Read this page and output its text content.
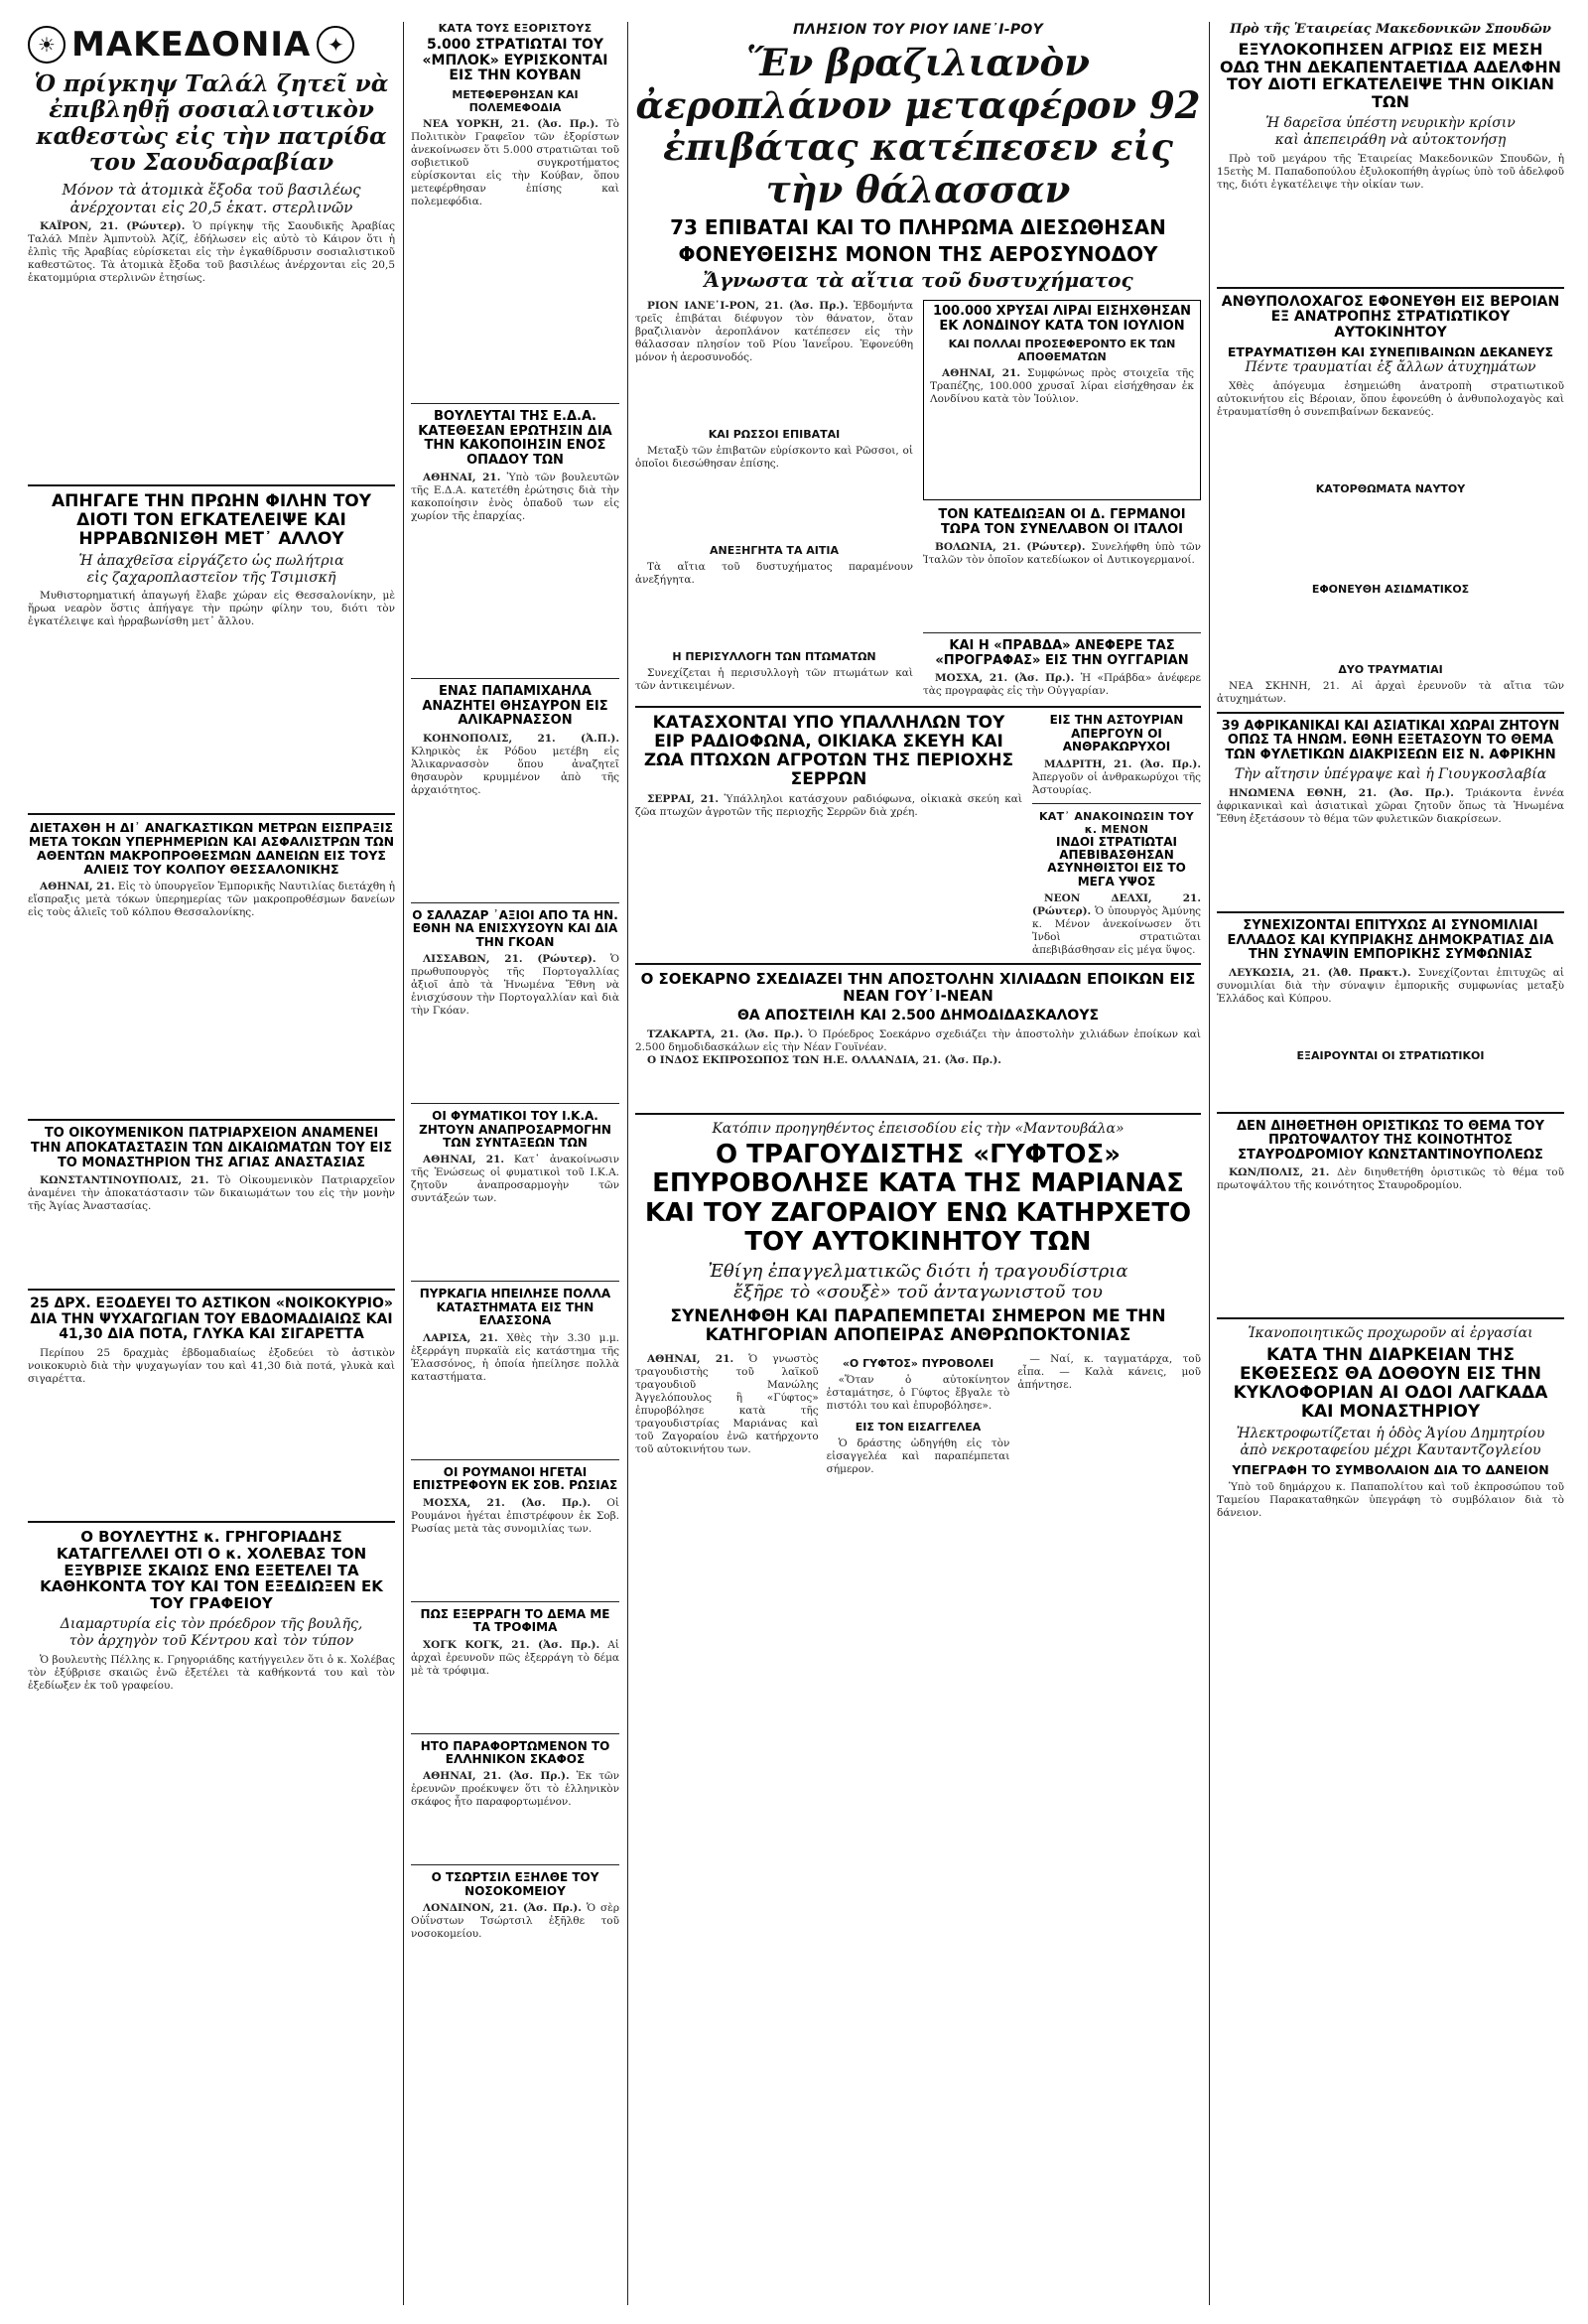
☀ ΜΑΚΕΔΟΝΙΑ ✦
Ὁ πρίγκηψ Ταλάλ ζητεῖ νὰ ἐπιβληθῇ σοσιαλιστικὸν καθεστὼς εἰς τὴν πατρίδα του Σαουδαραβίαν
Μόνον τὰ ἀτομικὰ ἔξοδα τοῦ βασιλέως
ἀνέρχονται εἰς 20,5 ἑκατ. στερλινῶν
ΚΑΪΡΟΝ, 21. (Ρώυτερ). Ὁ πρίγκηψ τῆς Σαουδικῆς Ἀραβίας Ταλάλ Μπὲν Ἀμπντοὺλ Ἀζίζ, ἐδήλωσεν εἰς αὐτὸ τὸ Κάιρον ὅτι ἡ ἐλπὶς τῆς Ἀραβίας εὑρίσκεται εἰς τὴν ἐγκαθίδρυσιν σοσιαλιστικοῦ καθεστῶτος. Τὰ ἀτομικὰ ἔξοδα τοῦ βασιλέως ἀνέρχονται εἰς 20,5 ἑκατομμύρια στερλινῶν ἐτησίως.
ΑΠΗΓΑΓΕ ΤΗΝ ΠΡΩΗΝ ΦΙΛΗΝ ΤΟΥ ΔΙΟΤΙ ΤΟΝ ΕΓΚΑΤΕΛΕΙΨΕ ΚΑΙ ΗΡΡΑΒΩΝΙΣΘΗ ΜΕΤ᾿ ΑΛΛΟΥ
Ἡ ἀπαχθεῖσα εἰργάζετο ὡς πωλήτρια
εἰς ζαχαροπλαστεῖον τῆς Τσιμισκῆ
Μυθιστορηματική ἀπαγωγή ἔλαβε χώραν εἰς Θεσσαλονίκην, μὲ ἥρωα νεαρὸν ὅστις ἀπήγαγε τὴν πρώην φίλην του, διότι τὸν ἐγκατέλειψε καὶ ἠρραβωνίσθη μετ᾿ ἄλλου.
ΔΙΕΤΑΧΘΗ Η ΔΙ᾿ ΑΝΑΓΚΑΣΤΙΚΩΝ ΜΕΤΡΩΝ ΕΙΣΠΡΑΞΙΣ ΜΕΤΑ ΤΟΚΩΝ ΥΠΕΡΗΜΕΡΙΩΝ ΚΑΙ ΑΣΦΑΛΙΣΤΡΩΝ ΤΩΝ ΑΘΕΝΤΩΝ ΜΑΚΡΟΠΡΟΘΕΣΜΩΝ ΔΑΝΕΙΩΝ ΕΙΣ ΤΟΥΣ ΑΛΙΕΙΣ ΤΟΥ ΚΟΛΠΟΥ ΘΕΣΣΑΛΟΝΙΚΗΣ
ΑΘΗΝΑΙ, 21. Εἰς τὸ ὑπουργεῖον Ἐμπορικῆς Ναυτιλίας διετάχθη ἡ εἴσπραξις μετὰ τόκων ὑπερημερίας τῶν μακροπροθέσμων δανείων εἰς τοὺς ἁλιεῖς τοῦ κόλπου Θεσσαλονίκης.
ΤΟ ΟΙΚΟΥΜΕΝΙΚΟΝ ΠΑΤΡΙΑΡΧΕΙΟΝ ΑΝΑΜΕΝΕΙ ΤΗΝ ΑΠΟΚΑΤΑΣΤΑΣΙΝ ΤΩΝ ΔΙΚΑΙΩΜΑΤΩΝ ΤΟΥ ΕΙΣ ΤΟ ΜΟΝΑΣΤΗΡΙΟΝ ΤΗΣ ΑΓΙΑΣ ΑΝΑΣΤΑΣΙΑΣ
ΚΩΝΣΤΑΝΤΙΝΟΥΠΟΛΙΣ, 21. Τὸ Οἰκουμενικὸν Πατριαρχεῖον ἀναμένει τὴν ἀποκατάστασιν τῶν δικαιωμάτων του εἰς τὴν μονὴν τῆς Ἁγίας Ἀναστασίας.
25 ΔΡΧ. ΕΞΟΔΕΥΕΙ ΤΟ ΑΣΤΙΚΟΝ «ΝΟΙΚΟΚΥΡΙΟ» ΔΙΑ ΤΗΝ ΨΥΧΑΓΩΓΙΑΝ ΤΟΥ ΕΒΔΟΜΑΔΙΑΙΩΣ ΚΑΙ 41,30 ΔΙΑ ΠΟΤΑ, ΓΛΥΚΑ ΚΑΙ ΣΙΓΑΡΕΤΤΑ
Περίπου 25 δραχμὰς ἐβδομαδιαίως ἐξοδεύει τὸ ἀστικὸν νοικοκυριὸ διὰ τὴν ψυχαγωγίαν του καὶ 41,30 διὰ ποτά, γλυκὰ καὶ σιγαρέττα.
Ο ΒΟΥΛΕΥΤΗΣ κ. ΓΡΗΓΟΡΙΑΔΗΣ ΚΑΤΑΓΓΕΛΛΕΙ ΟΤΙ Ο κ. ΧΟΛΕΒΑΣ ΤΟΝ ΕΞΥΒΡΙΣΕ ΣΚΑΙΩΣ ΕΝΩ ΕΞΕΤΕΛΕΙ ΤΑ ΚΑΘΗΚΟΝΤΑ ΤΟΥ ΚΑΙ ΤΟΝ ΕΞΕΔΙΩΞΕΝ ΕΚ ΤΟΥ ΓΡΑΦΕΙΟΥ
Διαμαρτυρία εἰς τὸν πρόεδρον τῆς βουλῆς,
τὸν ἀρχηγὸν τοῦ Κέντρου καὶ τὸν τύπον
Ὁ βουλευτὴς Πέλλης κ. Γρηγοριάδης κατήγγειλεν ὅτι ὁ κ. Χολέβας τὸν ἐξύβρισε σκαιῶς ἐνῶ ἐξετέλει τὰ καθήκοντά του καὶ τὸν ἐξεδίωξεν ἐκ τοῦ γραφείου.
ΚΑΤΑ ΤΟΥΣ ΕΞΟΡΙΣΤΟΥΣ
5.000 ΣΤΡΑΤΙΩΤΑΙ ΤΟΥ «ΜΠΛΟΚ» ΕΥΡΙΣΚΟΝΤΑΙ ΕΙΣ ΤΗΝ ΚΟΥΒΑΝ
ΜΕΤΕΦΕΡΘΗΣΑΝ ΚΑΙ ΠΟΛΕΜΕΦΟΔΙΑ
ΝΕΑ ΥΟΡΚΗ, 21. (Ἀσ. Πρ.). Τὸ Πολιτικὸν Γραφεῖον τῶν ἐξορίστων ἀνεκοίνωσεν ὅτι 5.000 στρατιῶται τοῦ σοβιετικοῦ συγκροτήματος εὑρίσκονται εἰς τὴν Κούβαν, ὅπου μετεφέρθησαν ἐπίσης καὶ πολεμεφόδια.
ΒΟΥΛΕΥΤΑΙ ΤΗΣ Ε.Δ.Α. ΚΑΤΕΘΕΣΑΝ ΕΡΩΤΗΣΙΝ ΔΙΑ ΤΗΝ ΚΑΚΟΠΟΙΗΣΙΝ ΕΝΟΣ ΟΠΑΔΟΥ ΤΩΝ
ΑΘΗΝΑΙ, 21. Ὑπὸ τῶν βουλευτῶν τῆς Ε.Δ.Α. κατετέθη ἐρώτησις διὰ τὴν κακοποίησιν ἑνὸς ὀπαδοῦ των εἰς χωρίον τῆς ἐπαρχίας.
ΕΝΑΣ ΠΑΠΑΜΙΧΑΗΛΑ ΑΝΑΖΗΤΕΙ ΘΗΣΑΥΡΟΝ ΕΙΣ ΑΛΙΚΑΡΝΑΣΣΟΝ
ΚΟΗΝΟΠΟΛΙΣ, 21. (Ἀ.Π.). Κληρικὸς ἐκ Ρόδου μετέβη εἰς Ἁλικαρνασσὸν ὅπου ἀναζητεῖ θησαυρὸν κρυμμένον ἀπὸ τῆς ἀρχαιότητος.
Ο ΣΑΛΑΖΑΡ ᾿ΑΞΙΟΙ ΑΠΟ ΤΑ ΗΝ. ΕΘΝΗ ΝΑ ΕΝΙΣΧΥΣΟΥΝ ΚΑΙ ΔΙΑ ΤΗΝ ΓΚΟΑΝ
ΛΙΣΣΑΒΩΝ, 21. (Ρώυτερ). Ὁ πρωθυπουργὸς τῆς Πορτογαλλίας ἀξιοῖ ἀπὸ τὰ Ἡνωμένα Ἔθνη νὰ ἐνισχύσουν τὴν Πορτογαλλίαν καὶ διὰ τὴν Γκόαν.
ΟΙ ΦΥΜΑΤΙΚΟΙ ΤΟΥ Ι.Κ.Α. ΖΗΤΟΥΝ ΑΝΑΠΡΟΣΑΡΜΟΓΗΝ ΤΩΝ ΣΥΝΤΑΞΕΩΝ ΤΩΝ
ΑΘΗΝΑΙ, 21. Κατ᾿ ἀνακοίνωσιν τῆς Ἑνώσεως οἱ φυματικοὶ τοῦ Ι.Κ.Α. ζητοῦν ἀναπροσαρμογὴν τῶν συντάξεών των.
ΠΥΡΚΑΓΙΑ ΗΠΕΙΛΗΣΕ ΠΟΛΛΑ ΚΑΤΑΣΤΗΜΑΤΑ ΕΙΣ ΤΗΝ ΕΛΑΣΣΟΝΑ
ΛΑΡΙΣΑ, 21. Χθὲς τὴν 3.30 μ.μ. ἐξερράγη πυρκαϊὰ εἰς κατάστημα τῆς Ἐλασσόνος, ἡ ὁποία ἠπείλησε πολλὰ καταστήματα.
ΟΙ ΡΟΥΜΑΝΟΙ ΗΓΕΤΑΙ ΕΠΙΣΤΡΕΦΟΥΝ ΕΚ ΣΟΒ. ΡΩΣΙΑΣ
ΜΟΣΧΑ, 21. (Ἀσ. Πρ.). Οἱ Ρουμάνοι ἡγέται ἐπιστρέφουν ἐκ Σοβ. Ρωσίας μετὰ τὰς συνομιλίας των.
ΠΩΣ ΕΞΕΡΡΑΓΗ ΤΟ ΔΕΜΑ ΜΕ ΤΑ ΤΡΟΦΙΜΑ
ΧΟΓΚ ΚΟΓΚ, 21. (Ἀσ. Πρ.). Αἱ ἀρχαὶ ἐρευνοῦν πῶς ἐξερράγη τὸ δέμα μὲ τὰ τρόφιμα.
ΗΤΟ ΠΑΡΑΦΟΡΤΩΜΕΝΟΝ ΤΟ ΕΛΛΗΝΙΚΟΝ ΣΚΑΦΟΣ
ΑΘΗΝΑΙ, 21. (Ἀσ. Πρ.). Ἐκ τῶν ἐρευνῶν προέκυψεν ὅτι τὸ ἑλληνικὸν σκάφος ἦτο παραφορτωμένον.
Ο ΤΣΩΡΤΣΙΛ ΕΞΗΛΘΕ ΤΟΥ ΝΟΣΟΚΟΜΕΙΟΥ
ΛΟΝΔΙΝΟΝ, 21. (Ἀσ. Πρ.). Ὁ σὲρ Οὐΐνστων Τσώρτσιλ ἐξῆλθε τοῦ νοσοκομείου.
ΠΛΗΣΙΟΝ ΤΟΥ ΡΙΟΥ ΙΑΝΕ᾿Ι-ΡΟΥ
Ἕν βραζιλιανὸν ἀεροπλάνον μεταφέρον 92 ἐπιβάτας κατέπεσεν εἰς τὴν θάλασσαν
73 ΕΠΙΒΑΤΑΙ ΚΑΙ ΤΟ ΠΛΗΡΩΜΑ ΔΙΕΣΩΘΗΣΑΝ
ΦΟΝΕΥΘΕΙΣΗΣ ΜΟΝΟΝ ΤΗΣ ΑΕΡΟΣΥΝΟΔΟΥ
Ἄγνωστα τὰ αἴτια τοῦ δυστυχήματος
ΡΙΟΝ ΙΑΝΕ᾿Ι-ΡΟΝ, 21. (Ἀσ. Πρ.). Ἑβδομήντα τρεῖς ἐπιβάται διέφυγον τὸν θάνατον, ὅταν βραζιλιανὸν ἀεροπλάνον κατέπεσεν εἰς τὴν θάλασσαν πλησίον τοῦ Ρίου Ἰανεΐρου. Ἐφονεύθη μόνον ἡ ἀεροσυνοδός.
ΚΑΙ ΡΩΣΣΟΙ ΕΠΙΒΑΤΑΙ
Μεταξὺ τῶν ἐπιβατῶν εὑρίσκοντο καὶ Ρῶσσοι, οἱ ὁποῖοι διεσώθησαν ἐπίσης.
ΑΝΕΞΗΓΗΤΑ ΤΑ ΑΙΤΙΑ
Τὰ αἴτια τοῦ δυστυχήματος παραμένουν ἀνεξήγητα.
Η ΠΕΡΙΣΥΛΛΟΓΗ ΤΩΝ ΠΤΩΜΑΤΩΝ
Συνεχίζεται ἡ περισυλλογὴ τῶν πτωμάτων καὶ τῶν ἀντικειμένων.
100.000 ΧΡΥΣΑΙ ΛΙΡΑΙ ΕΙΣΗΧΘΗΣΑΝ ΕΚ ΛΟΝΔΙΝΟΥ ΚΑΤΑ ΤΟΝ ΙΟΥΛΙΟΝ
ΚΑΙ ΠΟΛΛΑΙ ΠΡΟΣΕΦΕΡΟΝΤΟ ΕΚ ΤΩΝ ΑΠΟΘΕΜΑΤΩΝ
ΑΘΗΝΑΙ, 21. Συμφώνως πρὸς στοιχεῖα τῆς Τραπέζης, 100.000 χρυσαῖ λίραι εἰσήχθησαν ἐκ Λονδίνου κατὰ τὸν Ἰούλιον.
ΤΟΝ ΚΑΤΕΔΙΩΞΑΝ ΟΙ Δ. ΓΕΡΜΑΝΟΙ ΤΩΡΑ ΤΟΝ ΣΥΝΕΛΑΒΟΝ ΟΙ ΙΤΑΛΟΙ
ΒΟΛΩΝΙΑ, 21. (Ρώυτερ). Συνελήφθη ὑπὸ τῶν Ἰταλῶν τὸν ὁποῖον κατεδίωκον οἱ Δυτικογερμανοί.
ΚΑΙ Η «ΠΡΑΒΔΑ» ΑΝΕΦΕΡΕ ΤΑΣ «ΠΡΟΓΡΑΦΑΣ» ΕΙΣ ΤΗΝ ΟΥΓΓΑΡΙΑΝ
ΜΟΣΧΑ, 21. (Ἀσ. Πρ.). Ἡ «Πράβδα» ἀνέφερε τὰς προγραφὰς εἰς τὴν Οὐγγαρίαν.
ΚΑΤΑΣΧΟΝΤΑΙ ΥΠΟ ΥΠΑΛΛΗΛΩΝ ΤΟΥ ΕΙΡ ΡΑΔΙΟΦΩΝΑ, ΟΙΚΙΑΚΑ ΣΚΕΥΗ ΚΑΙ ΖΩΑ ΠΤΩΧΩΝ ΑΓΡΟΤΩΝ ΤΗΣ ΠΕΡΙΟΧΗΣ ΣΕΡΡΩΝ
ΣΕΡΡΑΙ, 21. Ὑπάλληλοι κατάσχουν ραδιόφωνα, οἰκιακὰ σκεύη καὶ ζῶα πτωχῶν ἀγροτῶν τῆς περιοχῆς Σερρῶν διὰ χρέη.
ΕΙΣ ΤΗΝ ΑΣΤΟΥΡΙΑΝ ΑΠΕΡΓΟΥΝ ΟΙ ΑΝΘΡΑΚΩΡΥΧΟΙ
ΜΑΔΡΙΤΗ, 21. (Ἀσ. Πρ.). Ἀπεργοῦν οἱ ἀνθρακωρύχοι τῆς Ἀστουρίας.
ΚΑΤ᾿ ΑΝΑΚΟΙΝΩΣΙΝ ΤΟΥ κ. ΜΕΝΟΝ
ΙΝΔΟΙ ΣΤΡΑΤΙΩΤΑΙ ΑΠΕΒΙΒΑΣΘΗΣΑΝ ΑΣΥΝΗΘΙΣΤΟΙ ΕΙΣ ΤΟ ΜΕΓΑ ΥΨΟΣ
ΝΕΟΝ ΔΕΛΧΙ, 21. (Ρώυτερ). Ὁ ὑπουργὸς Ἀμύνης κ. Μένον ἀνεκοίνωσεν ὅτι Ἰνδοὶ στρατιῶται ἀπεβιβάσθησαν εἰς μέγα ὕψος.
Ο ΣΟΕΚΑΡΝΟ ΣΧΕΔΙΑΖΕΙ ΤΗΝ ΑΠΟΣΤΟΛΗΝ ΧΙΛΙΑΔΩΝ ΕΠΟΙΚΩΝ ΕΙΣ ΝΕΑΝ ΓΟΥ᾿Ι-ΝΕΑΝ
ΘΑ ΑΠΟΣΤΕΙΛΗ ΚΑΙ 2.500 ΔΗΜΟΔΙΔΑΣΚΑΛΟΥΣ
ΤΖΑΚΑΡΤΑ, 21. (Ἀσ. Πρ.). Ὁ Πρόεδρος Σοεκάρνο σχεδιάζει τὴν ἀποστολὴν χιλιάδων ἐποίκων καὶ 2.500 δημοδιδασκάλων εἰς τὴν Νέαν Γουϊνέαν.
Ο ΙΝΔΟΣ ΕΚΠΡΟΣΩΠΟΣ ΤΩΝ Η.Ε. ΟΛΛΑΝΔΙΑ, 21. (Ἀσ. Πρ.).
Κατόπιν προηγηθέντος ἐπεισοδίου εἰς τὴν «Μαντουβάλα»
Ο ΤΡΑΓΟΥΔΙΣΤΗΣ «ΓΥΦΤΟΣ» ΕΠΥΡΟΒΟΛΗΣΕ ΚΑΤΑ ΤΗΣ ΜΑΡΙΑΝΑΣ ΚΑΙ ΤΟΥ ΖΑΓΟΡΑΙΟΥ ΕΝΩ ΚΑΤΗΡΧΕΤΟ ΤΟΥ ΑΥΤΟΚΙΝΗΤΟΥ ΤΩΝ
Ἐθίγη ἐπαγγελματικῶς διότι ἡ τραγουδίστρια
ἔξῆρε τὸ «σουξὲ» τοῦ ἀνταγωνιστοῦ του
ΣΥΝΕΛΗΦΘΗ ΚΑΙ ΠΑΡΑΠΕΜΠΕΤΑΙ ΣΗΜΕΡΟΝ ΜΕ ΤΗΝ ΚΑΤΗΓΟΡΙΑΝ ΑΠΟΠΕΙΡΑΣ ΑΝΘΡΩΠΟΚΤΟΝΙΑΣ
ΑΘΗΝΑΙ, 21. Ὁ γνωστὸς τραγουδιστὴς τοῦ λαϊκοῦ τραγουδιοῦ Μανώλης Ἀγγελόπουλος ἢ «Γύφτος» ἐπυροβόλησε κατὰ τῆς τραγουδιστρίας Μαριάνας καὶ τοῦ Ζαγοραίου ἐνῶ κατήρχοντο τοῦ αὐτοκινήτου των.
«Ο ΓΥΦΤΟΣ» ΠΥΡΟΒΟΛΕΙ
«Ὅταν ὁ αὐτοκίνητον ἐσταμάτησε, ὁ Γύφτος ἔβγαλε τὸ πιστόλι του καὶ ἐπυροβόλησε».
ΕΙΣ ΤΟΝ ΕΙΣΑΓΓΕΛΕΑ
Ὁ δράστης ὡδηγήθη εἰς τὸν εἰσαγγελέα καὶ παραπέμπεται σήμερον.
— Ναί, κ. ταγματάρχα, τοῦ εἶπα. — Καλὰ κάνεις, μοῦ ἀπήντησε.
Πρὸ τῆς Ἑταιρείας Μακεδονικῶν Σπουδῶν
ΕΞΥΛΟΚΟΠΗΣΕΝ ΑΓΡΙΩΣ ΕΙΣ ΜΕΣΗ ΟΔΩ ΤΗΝ ΔΕΚΑΠΕΝΤΑΕΤΙΔΑ ΑΔΕΛΦΗΝ ΤΟΥ ΔΙΟΤΙ ΕΓΚΑΤΕΛΕΙΨΕ ΤΗΝ ΟΙΚΙΑΝ ΤΩΝ
Ἡ δαρεῖσα ὑπέστη νευρικὴν κρίσιν
καὶ ἀπεπειράθη νὰ αὐτοκτονήσῃ
Πρὸ τοῦ μεγάρου τῆς Ἑταιρείας Μακεδονικῶν Σπουδῶν, ἡ 15ετὴς Μ. Παπαδοπούλου ἐξυλοκοπήθη ἀγρίως ὑπὸ τοῦ ἀδελφοῦ της, διότι ἐγκατέλειψε τὴν οἰκίαν των.
ΑΝΘΥΠΟΛΟΧΑΓΟΣ ΕΦΟΝΕΥΘΗ ΕΙΣ ΒΕΡΟΙΑΝ ΕΞ ΑΝΑΤΡΟΠΗΣ ΣΤΡΑΤΙΩΤΙΚΟΥ ΑΥΤΟΚΙΝΗΤΟΥ
ΕΤΡΑΥΜΑΤΙΣΘΗ ΚΑΙ ΣΥΝΕΠΙΒΑΙΝΩΝ ΔΕΚΑΝΕΥΣ
Πέντε τραυματίαι ἐξ ἄλλων ἀτυχημάτων
Χθὲς ἀπόγευμα ἐσημειώθη ἀνατροπὴ στρατιωτικοῦ αὐτοκινήτου εἰς Βέροιαν, ὅπου ἐφονεύθη ὁ ἀνθυπολοχαγὸς καὶ ἐτραυματίσθη ὁ συνεπιβαίνων δεκανεύς.
ΚΑΤΟΡΘΩΜΑΤΑ ΝΑΥΤΟΥ
ΕΦΟΝΕΥΘΗ ΑΣΙΔΜΑΤΙΚΟΣ
ΔΥΟ ΤΡΑΥΜΑΤΙΑΙ
ΝΕΑ ΣΚΗΝΗ, 21. Αἱ ἀρχαὶ ἐρευνοῦν τὰ αἴτια τῶν ἀτυχημάτων.
39 ΑΦΡΙΚΑΝΙΚΑΙ ΚΑΙ ΑΣΙΑΤΙΚΑΙ ΧΩΡΑΙ ΖΗΤΟΥΝ ΟΠΩΣ ΤΑ ΗΝΩΜ. ΕΘΝΗ ΕΞΕΤΑΣΟΥΝ ΤΟ ΘΕΜΑ ΤΩΝ ΦΥΛΕΤΙΚΩΝ ΔΙΑΚΡΙΣΕΩΝ ΕΙΣ Ν. ΑΦΡΙΚΗΝ
Τὴν αἴτησιν ὑπέγραψε καὶ ἡ Γιουγκοσλαβία
ΗΝΩΜΕΝΑ ΕΘΝΗ, 21. (Ἀσ. Πρ.). Τριάκοντα ἐννέα ἀφρικανικαὶ καὶ ἀσιατικαὶ χῶραι ζητοῦν ὅπως τὰ Ἡνωμένα Ἔθνη ἐξετάσουν τὸ θέμα τῶν φυλετικῶν διακρίσεων.
ΣΥΝΕΧΙΖΟΝΤΑΙ ΕΠΙΤΥΧΩΣ ΑΙ ΣΥΝΟΜΙΛΙΑΙ ΕΛΛΑΔΟΣ ΚΑΙ ΚΥΠΡΙΑΚΗΣ ΔΗΜΟΚΡΑΤΙΑΣ ΔΙΑ ΤΗΝ ΣΥΝΑΨΙΝ ΕΜΠΟΡΙΚΗΣ ΣΥΜΦΩΝΙΑΣ
ΛΕΥΚΩΣΙΑ, 21. (Ἀθ. Πρακτ.). Συνεχίζονται ἐπιτυχῶς αἱ συνομιλίαι διὰ τὴν σύναψιν ἐμπορικῆς συμφωνίας μεταξὺ Ἑλλάδος καὶ Κύπρου.
ΕΞΑΙΡΟΥΝΤΑΙ ΟΙ ΣΤΡΑΤΙΩΤΙΚΟΙ
ΔΕΝ ΔΙΗΘΕΤΗΘΗ ΟΡΙΣΤΙΚΩΣ ΤΟ ΘΕΜΑ ΤΟΥ ΠΡΩΤΟΨΑΛΤΟΥ ΤΗΣ ΚΟΙΝΟΤΗΤΟΣ ΣΤΑΥΡΟΔΡΟΜΙΟΥ ΚΩΝΣΤΑΝΤΙΝΟΥΠΟΛΕΩΣ
ΚΩΝ/ΠΟΛΙΣ, 21. Δὲν διηυθετήθη ὁριστικῶς τὸ θέμα τοῦ πρωτοψάλτου τῆς κοινότητος Σταυροδρομίου.
Ἱκανοποιητικῶς προχωροῦν αἱ ἐργασίαι
ΚΑΤΑ ΤΗΝ ΔΙΑΡΚΕΙΑΝ ΤΗΣ ΕΚΘΕΣΕΩΣ ΘΑ ΔΟΘΟΥΝ ΕΙΣ ΤΗΝ ΚΥΚΛΟΦΟΡΙΑΝ ΑΙ ΟΔΟΙ ΛΑΓΚΑΔΑ ΚΑΙ ΜΟΝΑΣΤΗΡΙΟΥ
Ἠλεκτροφωτίζεται ἡ ὁδὸς Ἁγίου Δημητρίου
ἀπὸ νεκροταφείου μέχρι Καυταντζογλείου
ΥΠΕΓΡΑΦΗ ΤΟ ΣΥΜΒΟΛΑΙΟΝ ΔΙΑ ΤΟ ΔΑΝΕΙΟΝ
Ὑπὸ τοῦ δημάρχου κ. Παπαπολίτου καὶ τοῦ ἐκπροσώπου τοῦ Ταμείου Παρακαταθηκῶν ὑπεγράφη τὸ συμβόλαιον διὰ τὸ δάνειον.
